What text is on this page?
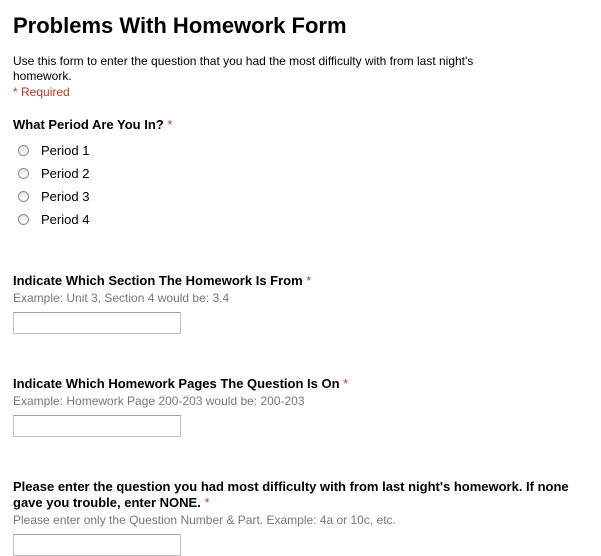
Problems With Homework Form
Use this form to enter the question that you had the most difficulty with from last night's homework.
* Required
What Period Are You In? *
Period 1
Period 2
Period 3
Period 4
Indicate Which Section The Homework Is From *
Example: Unit 3, Section 4 would be: 3.4
Indicate Which Homework Pages The Question Is On *
Example: Homework Page 200-203 would be: 200-203
Please enter the question you had most difficulty with from last night's homework. If none gave you trouble, enter NONE. *
Please enter only the Question Number & Part. Example: 4a or 10c, etc.
